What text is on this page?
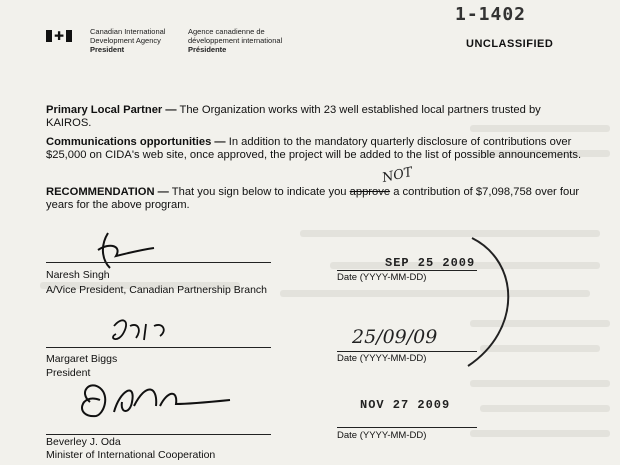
✚	Canadian International
Development Agency
President
Agence canadienne de
développement international
Présidente
1-1402
UNCLASSIFIED
Primary Local Partner — The Organization works with 23 well established local partners trusted by KAIROS.
Communications opportunities — In addition to the mandatory quarterly disclosure of contributions over $25,000 on CIDA's web site, once approved, the project will be added to the list of possible announcements.
RECOMMENDATION — That you sign below to indicate you approve a contribution of $7,098,758 over four years for the above program.
NOT
Naresh Singh
A/Vice President, Canadian Partnership Branch
SEP 25 2009
Date (YYYY-MM-DD)
Margaret Biggs
President
25/09/09
Date (YYYY-MM-DD)
Beverley J. Oda
Minister of International Cooperation
NOV 27 2009
Date (YYYY-MM-DD)
